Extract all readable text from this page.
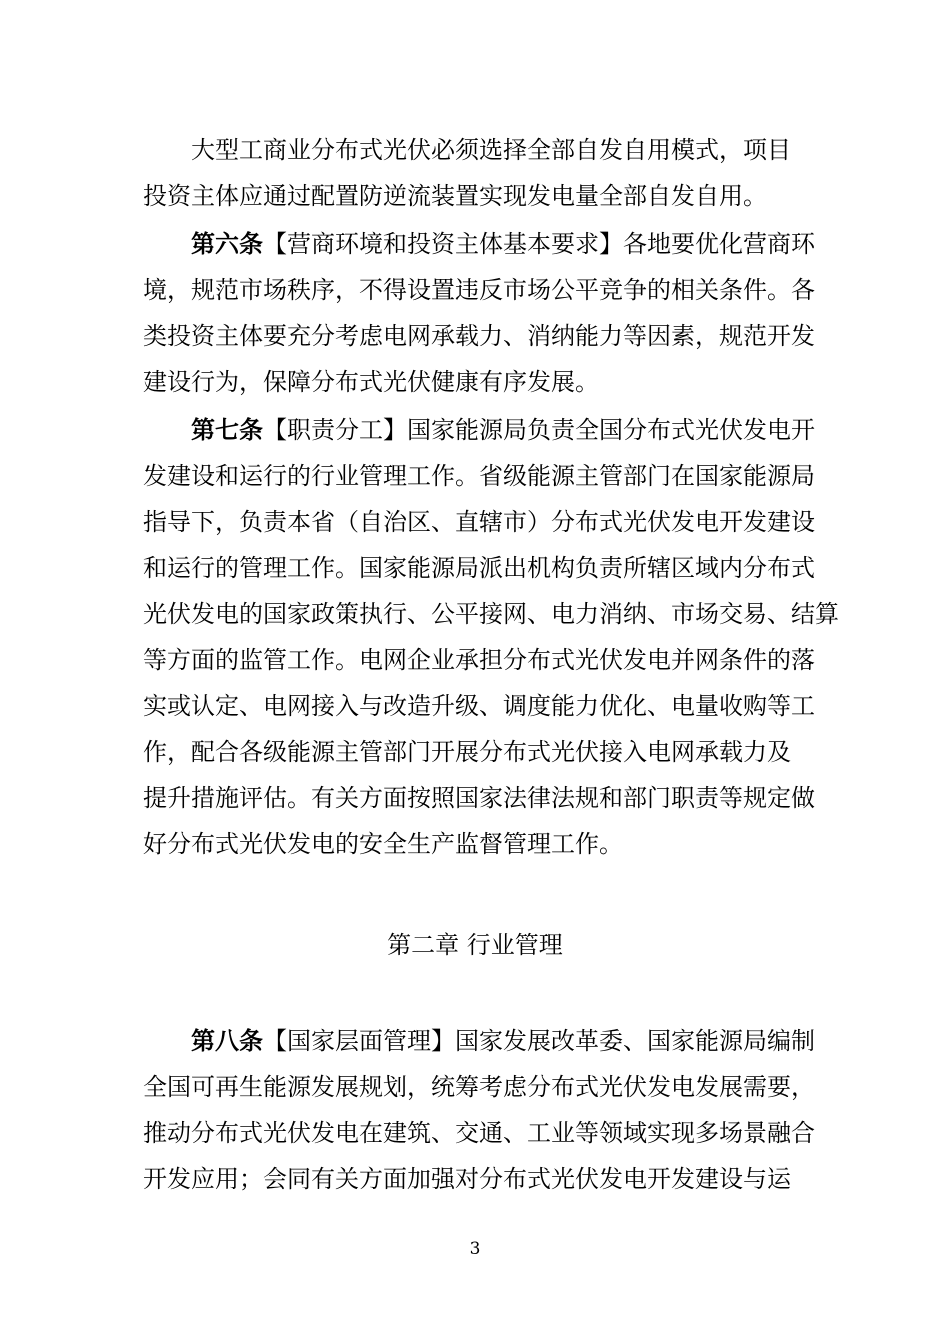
大型工商业分布式光伏必须选择全部自发自用模式，项目
投资主体应通过配置防逆流装置实现发电量全部自发自用。
第六条【营商环境和投资主体基本要求】各地要优化营商环
境，规范市场秩序，不得设置违反市场公平竞争的相关条件。各
类投资主体要充分考虑电网承载力、消纳能力等因素，规范开发
建设行为，保障分布式光伏健康有序发展。
第七条【职责分工】国家能源局负责全国分布式光伏发电开
发建设和运行的行业管理工作。省级能源主管部门在国家能源局
指导下，负责本省（自治区、直辖市）分布式光伏发电开发建设
和运行的管理工作。国家能源局派出机构负责所辖区域内分布式
光伏发电的国家政策执行、公平接网、电力消纳、市场交易、结算
等方面的监管工作。电网企业承担分布式光伏发电并网条件的落
实或认定、电网接入与改造升级、调度能力优化、电量收购等工
作，配合各级能源主管部门开展分布式光伏接入电网承载力及
提升措施评估。有关方面按照国家法律法规和部门职责等规定做
好分布式光伏发电的安全生产监督管理工作。
第二章 行业管理
第八条【国家层面管理】国家发展改革委、国家能源局编制
全国可再生能源发展规划，统筹考虑分布式光伏发电发展需要，
推动分布式光伏发电在建筑、交通、工业等领域实现多场景融合
开发应用；会同有关方面加强对分布式光伏发电开发建设与运
3
